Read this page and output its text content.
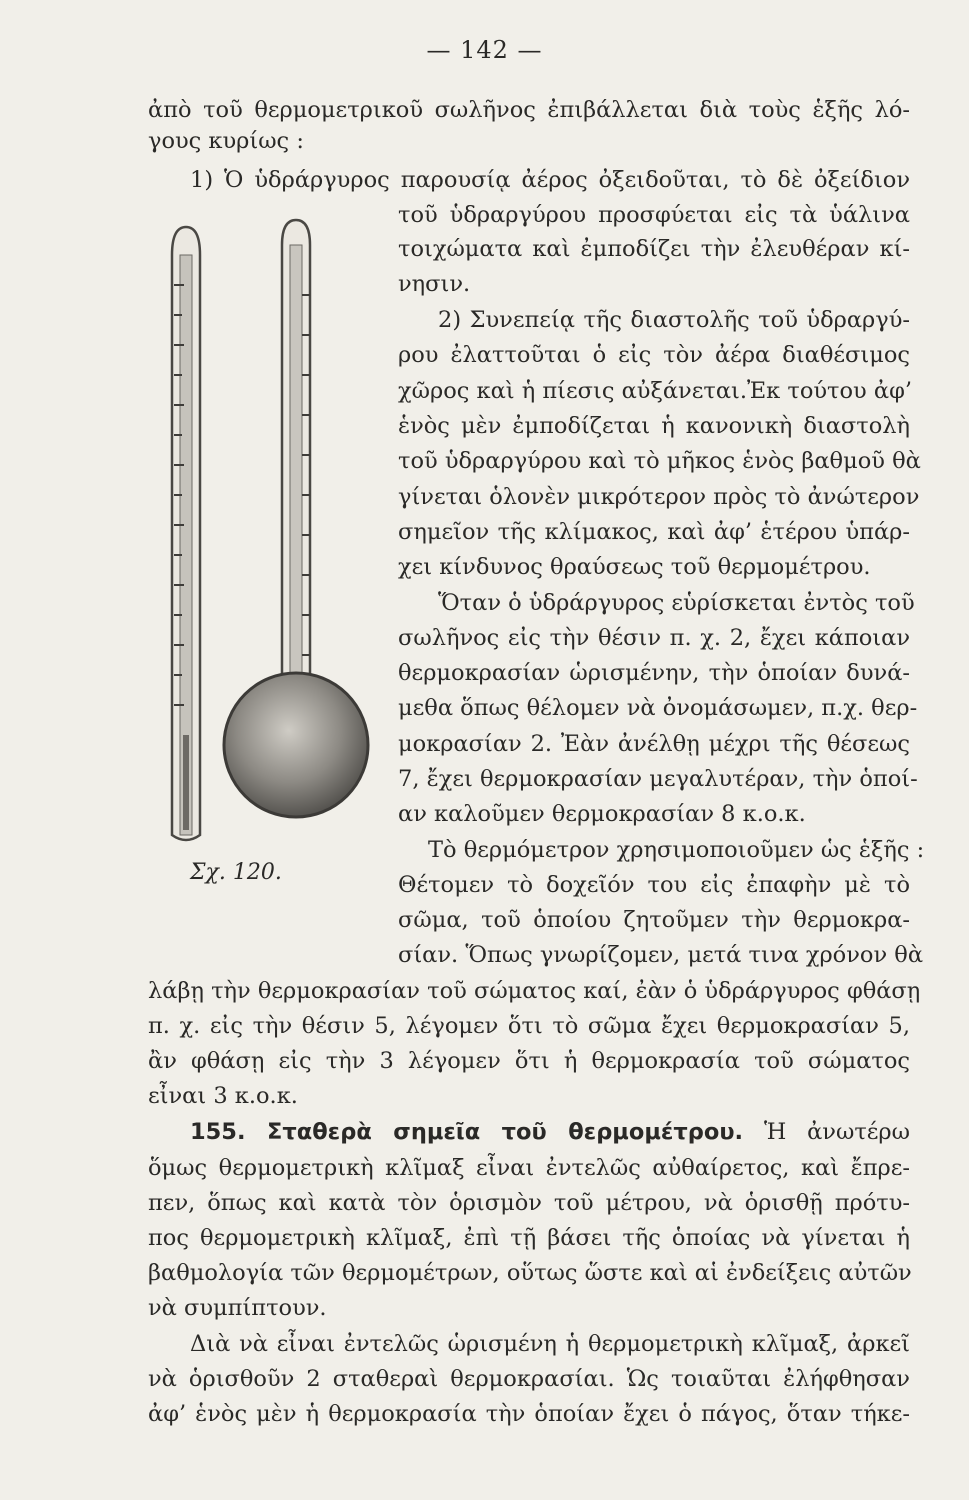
— 142 —

ἀπὸ τοῦ θερμομετρικοῦ σωλῆνος ἐπιβάλλεται διὰ τοὺς ἑξῆς λό-

γους κυρίως :

1) Ὁ ὑδράργυρος παρουσίᾳ ἀέρος ὀξειδοῦται, τὸ δὲ ὀξείδιον

Σχ. 120.

τοῦ ὑδραργύρου προσφύεται εἰς τὰ ὑάλινα

τοιχώματα καὶ ἐμποδίζει τὴν ἐλευθέραν κί-

νησιν.

2) Συνεπείᾳ τῆς διαστολῆς τοῦ ὑδραργύ-

ρου ἐλαττοῦται ὁ εἰς τὸν ἀέρα διαθέσιμος

χῶρος καὶ ἡ πίεσις αὐξάνεται.Ἐκ τούτου ἀφ’

ἑνὸς μὲν ἐμποδίζεται ἡ κανονικὴ διαστολὴ

τοῦ ὑδραργύρου καὶ τὸ μῆκος ἑνὸς βαθμοῦ θὰ

γίνεται ὁλονὲν μικρότερον πρὸς τὸ ἀνώτερον

σημεῖον τῆς κλίμακος, καὶ ἀφ’ ἑτέρου ὑπάρ-

χει κίνδυνος θραύσεως τοῦ θερμομέτρου.

Ὅταν ὁ ὑδράργυρος εὑρίσκεται ἐντὸς τοῦ

σωλῆνος εἰς τὴν θέσιν π. χ. 2, ἔχει κάποιαν

θερμοκρασίαν ὡρισμένην, τὴν ὁποίαν δυνά-

μεθα ὅπως θέλομεν νὰ ὀνομάσωμεν, π.χ. θερ-

μοκρασίαν 2. Ἐὰν ἀνέλθῃ μέχρι τῆς θέσεως

7, ἔχει θερμοκρασίαν μεγαλυτέραν, τὴν ὁποί-

αν καλοῦμεν θερμοκρασίαν 8 κ.ο.κ.

Τὸ θερμόμετρον χρησιμοποιοῦμεν ὡς ἑξῆς :

Θέτομεν τὸ δοχεῖόν του εἰς ἐπαφὴν μὲ τὸ

σῶμα, τοῦ ὁποίου ζητοῦμεν τὴν θερμοκρα-

σίαν. Ὅπως γνωρίζομεν, μετά τινα χρόνον θὰ

λάβῃ τὴν θερμοκρασίαν τοῦ σώματος καί, ἐὰν ὁ ὑδράργυρος φθάσῃ

π. χ. εἰς τὴν θέσιν 5, λέγομεν ὅτι τὸ σῶμα ἔχει θερμοκρασίαν 5,

ἂν φθάσῃ εἰς τὴν 3 λέγομεν ὅτι ἡ θερμοκρασία τοῦ σώματος

εἶναι 3 κ.ο.κ.

155. Σταθερὰ σημεῖα τοῦ θερμομέτρου. Ἡ ἀνωτέρω

ὅμως θερμομετρικὴ κλῖμαξ εἶναι ἐντελῶς αὐθαίρετος, καὶ ἔπρε-

πεν, ὅπως καὶ κατὰ τὸν ὁρισμὸν τοῦ μέτρου, νὰ ὁρισθῇ πρότυ-

πος θερμομετρικὴ κλῖμαξ, ἐπὶ τῇ βάσει τῆς ὁποίας νὰ γίνεται ἡ

βαθμολογία τῶν θερμομέτρων, οὕτως ὥστε καὶ αἱ ἐνδείξεις αὐτῶν

νὰ συμπίπτουν.

Διὰ νὰ εἶναι ἐντελῶς ὡρισμένη ἡ θερμομετρικὴ κλῖμαξ, ἀρκεῖ

νὰ ὁρισθοῦν 2 σταθεραὶ θερμοκρασίαι. Ὡς τοιαῦται ἐλήφθησαν

ἀφ’ ἑνὸς μὲν ἡ θερμοκρασία τὴν ὁποίαν ἔχει ὁ πάγος, ὅταν τήκε-
